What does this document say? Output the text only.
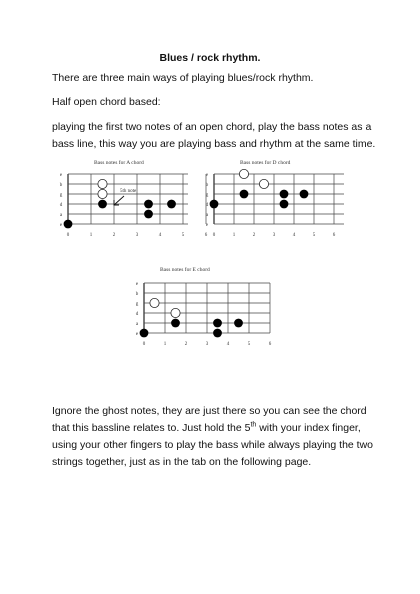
Blues / rock rhythm.
There are three main ways of playing blues/rock rhythm.
Half open chord based:
playing the first two notes of an open chord, play the bass notes as a bass line, this way you are playing bass and rhythm at the same time.
Bass notes for A chord
e
b
g
d
a
e
0	1	2	3	4	5	6
5th note
Bass notes for D chord
e
b
g
d
a
e
0	1	2	3	4	5	6
Bass notes for E chord
e
b
g
d
a
e
0	1	2	3	4	5	6
Ignore the ghost notes, they are just there so you can see the chord that this bassline relates to. Just hold the 5th with your index finger, using your other fingers to play the bass while always playing the two strings together, just as in the tab on the following page.
